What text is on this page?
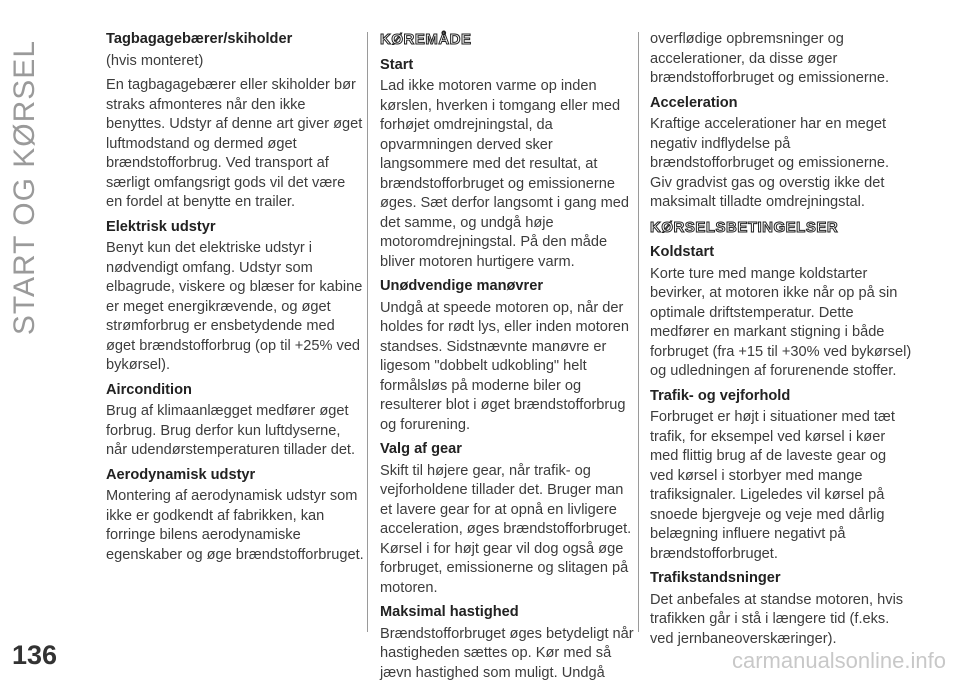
START OG KØRSEL
136
Tagbagagebærer/skiholder

(hvis monteret)

En tagbagagebærer eller skiholder bør straks afmonteres når den ikke benyttes. Udstyr af denne art giver øget luftmodstand og dermed øget brændstofforbrug. Ved transport af særligt omfangsrigt gods vil det være en fordel at benytte en trailer.

Elektrisk udstyr

Benyt kun det elektriske udstyr i nødvendigt omfang. Udstyr som elbagrude, viskere og blæser for kabine er meget energikrævende, og øget strømforbrug er ensbetydende med øget brændstofforbrug (op til +25% ved bykørsel).

Aircondition

Brug af klimaanlægget medfører øget forbrug. Brug derfor kun luftdyserne, når udendørstemperaturen tillader det.

Aerodynamisk udstyr

Montering af aerodynamisk udstyr som ikke er godkendt af fabrikken, kan forringe bilens aerodynamiske egenskaber og øge brændstofforbruget.

KØREMÅDE
Start

Lad ikke motoren varme op inden kørslen, hverken i tomgang eller med forhøjet omdrejningstal, da opvarmningen derved sker langsommere med det resultat, at brændstofforbruget og emissionerne øges. Sæt derfor langsomt i gang med det samme, og undgå høje motoromdrejningstal. På den måde bliver motoren hurtigere varm.

Unødvendige manøvrer

Undgå at speede motoren op, når der holdes for rødt lys, eller inden motoren standses. Sidstnævnte manøvre er ligesom "dobbelt udkobling" helt formålsløs på moderne biler og resulterer blot i øget brændstofforbrug og forurening.

Valg af gear

Skift til højere gear, når trafik- og vejforholdene tillader det. Bruger man et lavere gear for at opnå en livligere acceleration, øges brændstofforbruget. Kørsel i for højt gear vil dog også øge forbruget, emissionerne og slitagen på motoren.

Maksimal hastighed

Brændstofforbruget øges betydeligt når hastigheden sættes op. Kør med så jævn hastighed som muligt. Undgå

overflødige opbremsninger og accelerationer, da disse øger brændstofforbruget og emissionerne.

Acceleration

Kraftige accelerationer har en meget negativ indflydelse på brændstofforbruget og emissionerne. Giv gradvist gas og overstig ikke det maksimalt tilladte omdrejningstal.

KØRSELSBETINGELSER
Koldstart

Korte ture med mange koldstarter bevirker, at motoren ikke når op på sin optimale driftstemperatur. Dette medfører en markant stigning i både forbruget (fra +15 til +30% ved bykørsel) og udledningen af forurenende stoffer.

Trafik- og vejforhold

Forbruget er højt i situationer med tæt trafik, for eksempel ved kørsel i køer med flittig brug af de laveste gear og ved kørsel i storbyer med mange trafiksignaler. Ligeledes vil kørsel på snoede bjergveje og veje med dårlig belægning influere negativt på brændstofforbruget.

Trafikstandsninger

Det anbefales at standse motoren, hvis trafikken går i stå i længere tid (f.eks. ved jernbaneoverskæringer).

carmanualsonline.info
